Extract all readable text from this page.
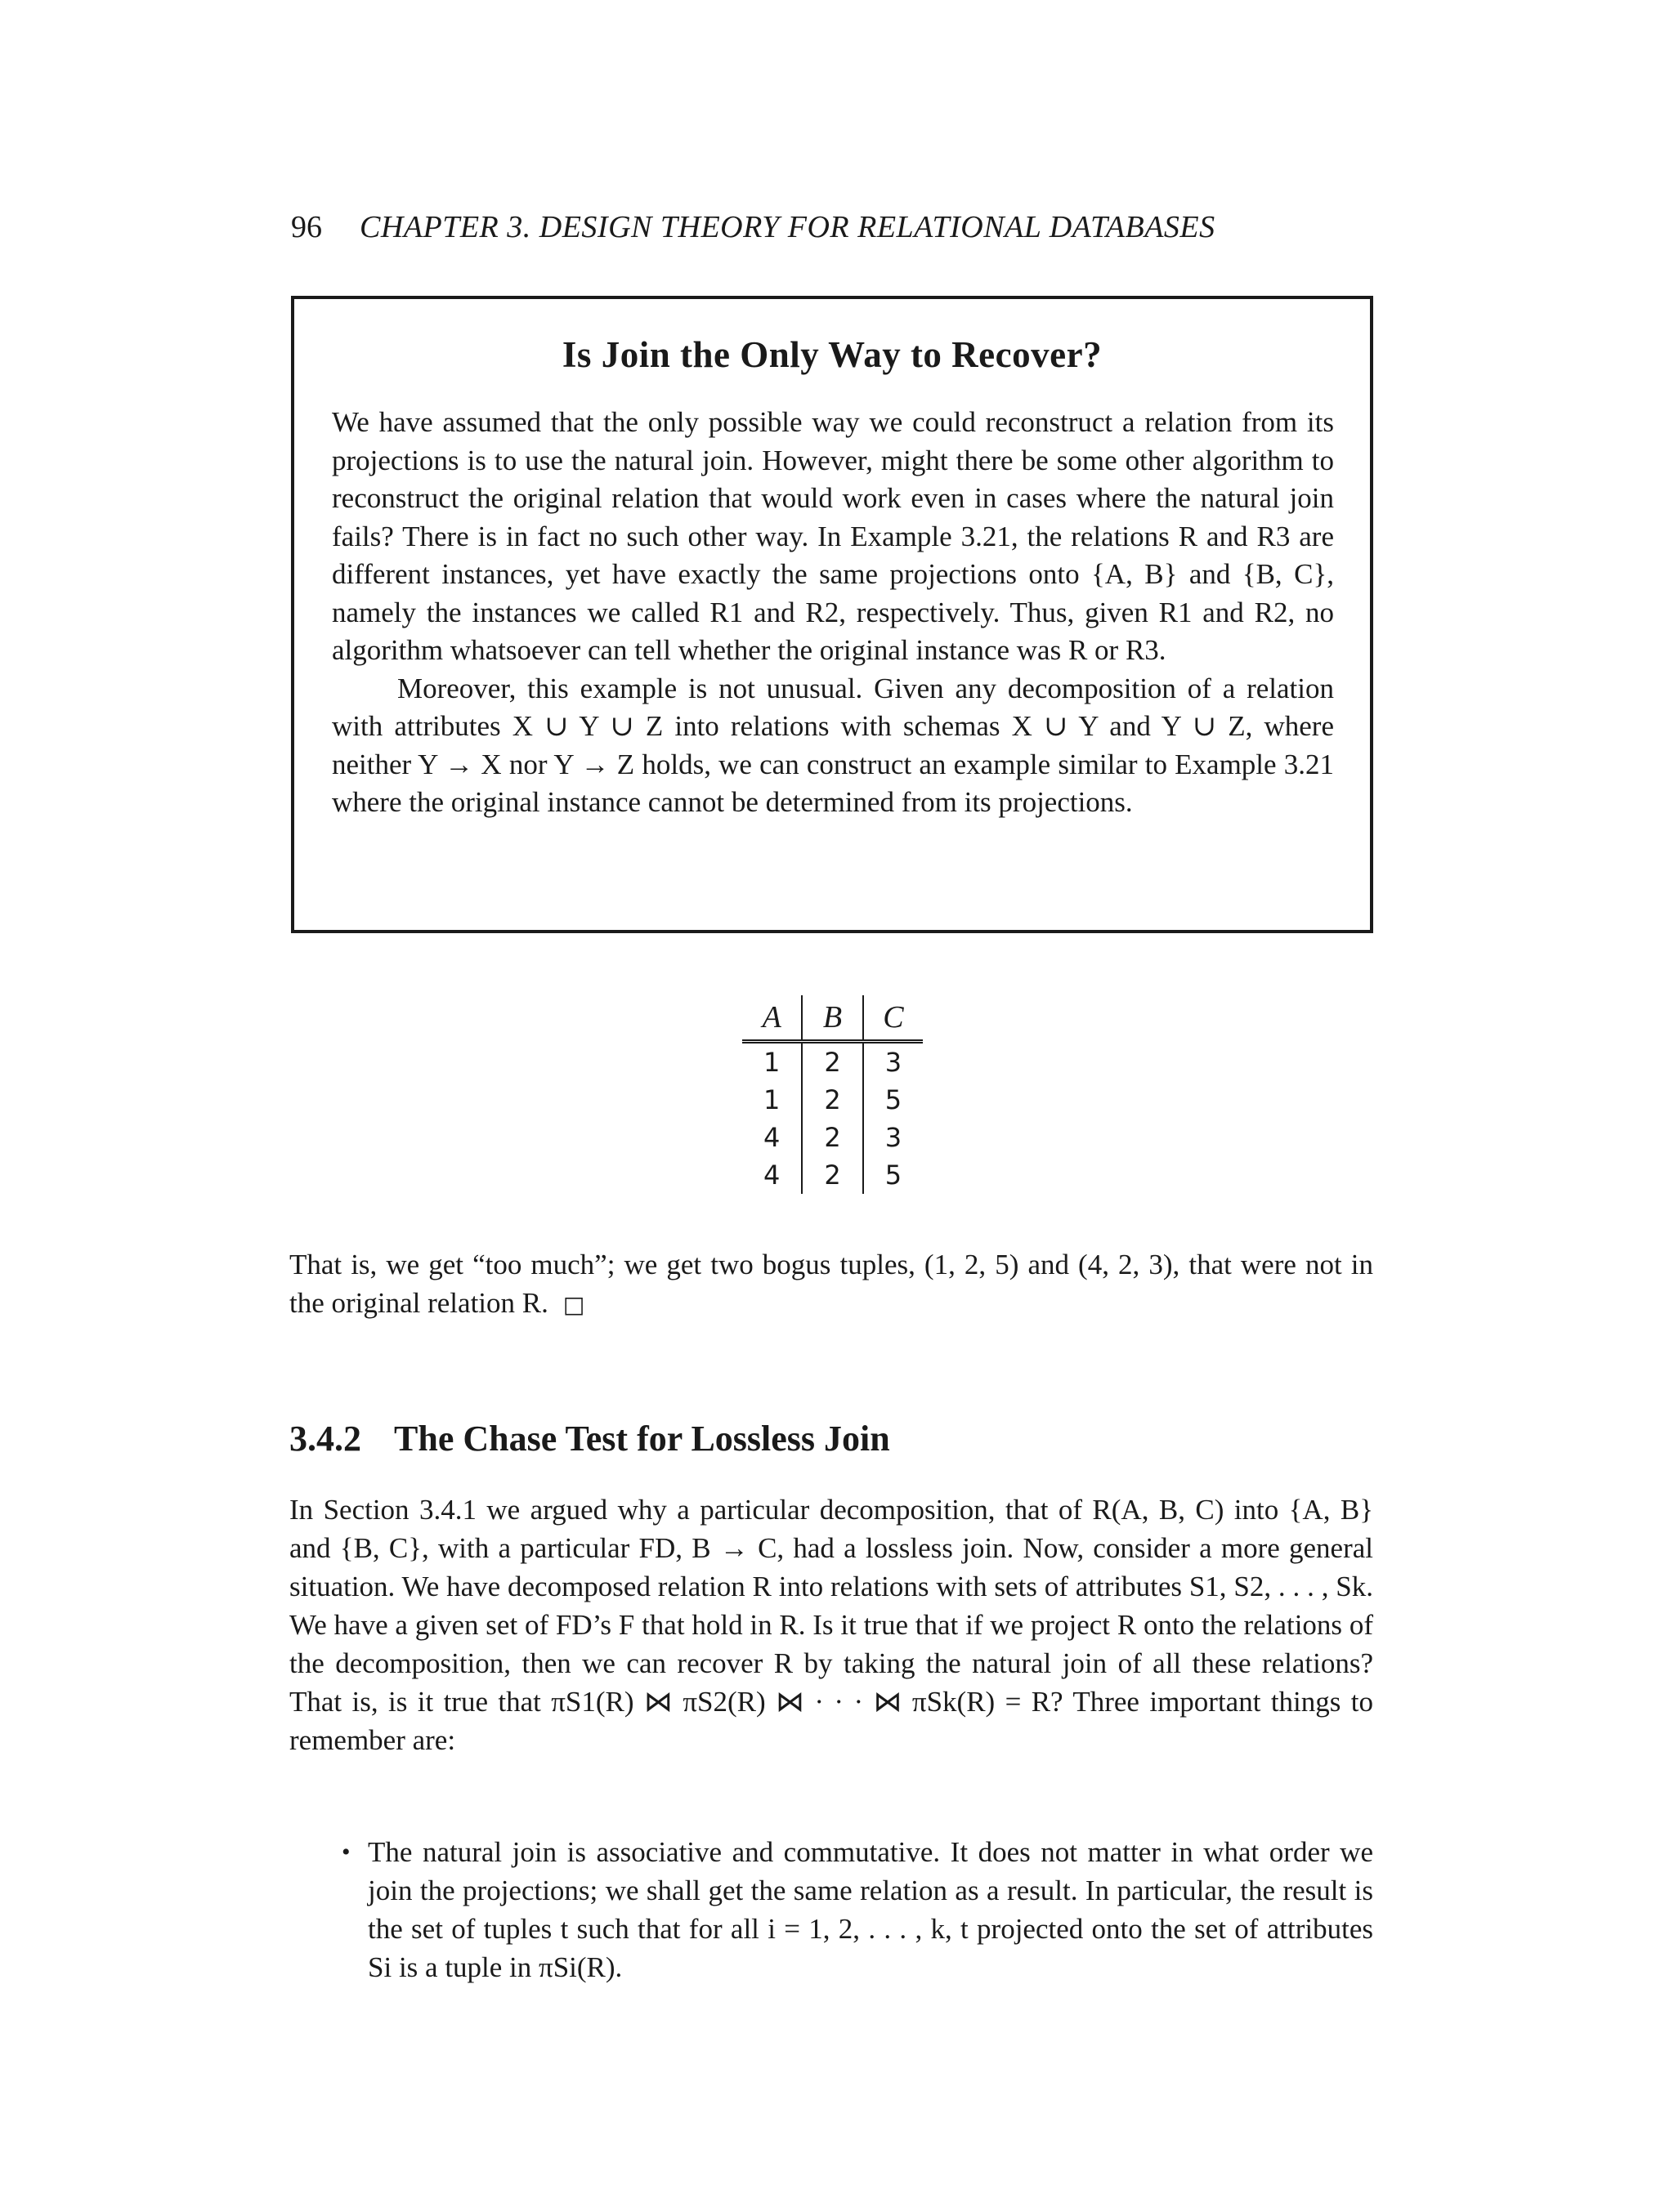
96 CHAPTER 3. DESIGN THEORY FOR RELATIONAL DATABASES
Is Join the Only Way to Recover?

We have assumed that the only possible way we could reconstruct a relation from its projections is to use the natural join. However, might there be some other algorithm to reconstruct the original relation that would work even in cases where the natural join fails? There is in fact no such other way. In Example 3.21, the relations R and R3 are different instances, yet have exactly the same projections onto {A, B} and {B, C}, namely the instances we called R1 and R2, respectively. Thus, given R1 and R2, no algorithm whatsoever can tell whether the original instance was R or R3.

Moreover, this example is not unusual. Given any decomposition of a relation with attributes X ∪ Y ∪ Z into relations with schemas X ∪ Y and Y ∪ Z, where neither Y → X nor Y → Z holds, we can construct an example similar to Example 3.21 where the original instance cannot be determined from its projections.

A	B	C
1	2	3
1	2	5
4	2	3
4	2	5

That is, we get “too much”; we get two bogus tuples, (1, 2, 5) and (4, 2, 3), that were not in the original relation R. □

3.4.2 The Chase Test for Lossless Join

In Section 3.4.1 we argued why a particular decomposition, that of R(A, B, C) into {A, B} and {B, C}, with a particular FD, B → C, had a lossless join. Now, consider a more general situation. We have decomposed relation R into relations with sets of attributes S1, S2, . . . , Sk. We have a given set of FD’s F that hold in R. Is it true that if we project R onto the relations of the decomposition, then we can recover R by taking the natural join of all these relations? That is, is it true that πS1(R) ⋈ πS2(R) ⋈ · · · ⋈ πSk(R) = R? Three important things to remember are:

• The natural join is associative and commutative. It does not matter in what order we join the projections; we shall get the same relation as a result. In particular, the result is the set of tuples t such that for all i = 1, 2, . . . , k, t projected onto the set of attributes Si is a tuple in πSi(R).
